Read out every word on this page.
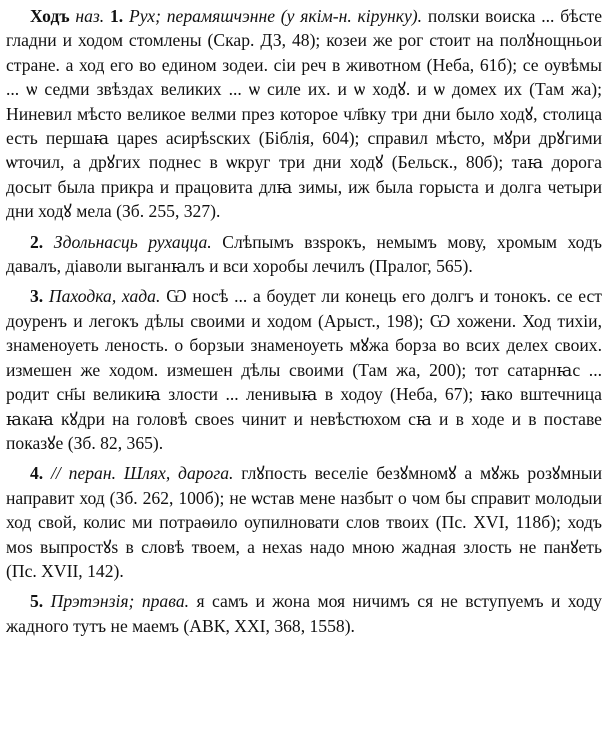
Ходъ наз. 1. Рух; перамяшчэнне (у якім-н. кірунку). полѕки воиска ... бѣсте гладни и ходом стомлены (Скар. ДЗ, 48); козеи же рог стоит на полꙋнощньои стране. а ход его во едином зодеи. сіи реч в животном (Неба, 61б); се оувѣмы ... ѡ седми звѣздах великих ... ѡ силе их. и ѡ ходꙋ. и ѡ домех их (Там жа); Ниневил мѣсто великое велми през которое чл҃вку три дни было ходꙋ, столица есть першаꙗ цареѕ асирѣѕских (Біблія, 604); справил мѣсто, мꙋри дрꙋгими ѡточил, а дрꙋгих поднес в ѡкруг три дни ходꙋ (Бельск., 80б); таꙗ дорога досыт была прикра и працовита длꙗ зимы, иж была горыста и долга четыри дни ходꙋ мела (Зб. 255, 327).

2. Здольнасць рухацца. Слѣпымъ взѕрокъ, немымъ мову, хромым ходъ давалъ, діаволи выганꙗлъ и вси хоробы лечилъ (Пралог, 565).

3. Паходка, хада. Ѡ носѣ ... а боудет ли конець его долгъ и тонокъ. се ест доуренъ и легокъ дѣлы своими и ходом (Арыст., 198); Ѡ хожени. Ход тихіи, знаменоуеть леность. о борзыи знаменоуеть мꙋжа борза во всих делех своих. измешен же ходом. измешен дѣлы своими (Там жа, 200); тот сатарнꙗс ... родит сн҃ы великиꙗ злости ... ленивыꙗ в ходоу (Неба, 67); ꙗко вштечница ꙗкаꙗ кꙋдри на головѣ своеѕ чинит и невѣстюхом сꙗ и в ходе и в поставе показꙋе (Зб. 82, 365).

4. // перан. Шлях, дарога. глꙋпость веселіе безꙋмномꙋ а мꙋжь розꙋмныи направит ход (Зб. 262, 100б); не ѡстав мене назбыт о чом бы справит молодыи ход свой, колис ми потраѳило оупилновати слов твоих (Пс. XVI, 118б); ходъ моѕ выпростꙋѕ в словѣ твоем, а нехаѕ надо мною жадная злость не панꙋеть (Пс. XVII, 142).

5. Прэтэнзія; правa. я самъ и жона моя ничимъ ся не вступуемъ и ходу жадного тутъ не маемъ (АВК, XXI, 368, 1558).
